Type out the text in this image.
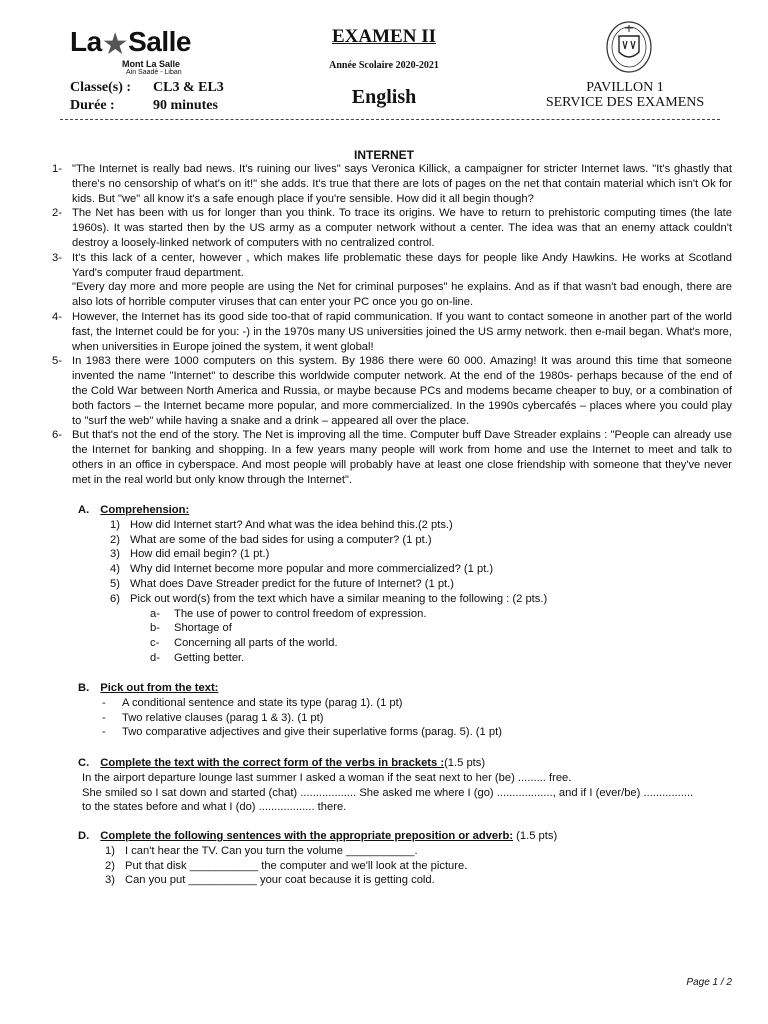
La★Salle
Mont La Salle
Ain Saadé - Liban
EXAMEN II
Année Scolaire 2020-2021
English
Classe(s) : CL3 & EL3
Durée :	90 minutes
PAVILLON 1
SERVICE DES EXAMENS
INTERNET
1- "The Internet is really bad news. It's ruining our lives" says Veronica Killick, a campaigner for stricter Internet laws. "It's ghastly that there's no censorship of what's on it!" she adds. It's true that there are lots of pages on the net that contain material which isn't Ok for kids. But "we" all know it's a safe enough place if you're sensible. How did it all begin though?
2- The Net has been with us for longer than you think. To trace its origins. We have to return to prehistoric computing times (the late 1960s). It was started then by the US army as a computer network without a center. The idea was that an enemy attack couldn't destroy a loosely-linked network of computers with no centralized control.
3- It's this lack of a center, however , which makes life problematic these days for people like Andy Hawkins. He works at Scotland Yard's computer fraud department.
"Every day more and more people are using the Net for criminal purposes" he explains. And as if that wasn't bad enough, there are also lots of horrible computer viruses that can enter your PC once you go on-line.
4- However, the Internet has its good side too-that of rapid communication. If you want to contact someone in another part of the world fast, the Internet could be for you: -) in the 1970s many US universities joined the US army network. then e-mail began. What's more, when universities in Europe joined the system, it went global!
5- In 1983 there were 1000 computers on this system. By 1986 there were 60 000. Amazing! It was around this time that someone invented the name "Internet" to describe this worldwide computer network. At the end of the 1980s- perhaps because of the end of the Cold War between North America and Russia, or maybe because PCs and modems became cheaper to buy, or a combination of both factors – the Internet became more popular, and more commercialized. In the 1990s cybercafés – places where you could play to "surf the web" while having a snake and a drink – appeared all over the place.
6- But that's not the end of the story. The Net is improving all the time. Computer buff Dave Streader explains : "People can already use the Internet for banking and shopping. In a few years many people will work from home and use the Internet to meet and talk to others in an office in cyberspace. And most people will probably have at least one close friendship with someone that they've never met in the real world but only know through the Internet".
A. Comprehension:
1) How did Internet start? And what was the idea behind this.(2 pts.)
2) What are some of the bad sides for using a computer? (1 pt.)
3) How did email begin? (1 pt.)
4) Why did Internet become more popular and more commercialized? (1 pt.)
5) What does Dave Streader predict for the future of Internet? (1 pt.)
6) Pick out word(s) from the text which have a similar meaning to the following : (2 pts.)
a- The use of power to control freedom of expression.
b- Shortage of
c- Concerning all parts of the world.
d- Getting better.
B. Pick out from the text:
- A conditional sentence and state its type (parag 1). (1 pt)
- Two relative clauses (parag 1 & 3). (1 pt)
- Two comparative adjectives and give their superlative forms (parag. 5). (1 pt)
C. Complete the text with the correct form of the verbs in brackets :(1.5 pts)
In the airport departure lounge last summer I asked a woman if the seat next to her (be) ......... free.
She smiled so I sat down and started (chat) .................. She asked me where I (go) .................., and if I (ever/be) ................
to the states before and what I (do) .................. there.
D. Complete the following sentences with the appropriate preposition or adverb: (1.5 pts)
1) I can't hear the TV. Can you turn the volume ___________.
2) Put that disk ___________ the computer and we'll look at the picture.
3) Can you put ___________ your coat because it is getting cold.
Page 1 / 2
